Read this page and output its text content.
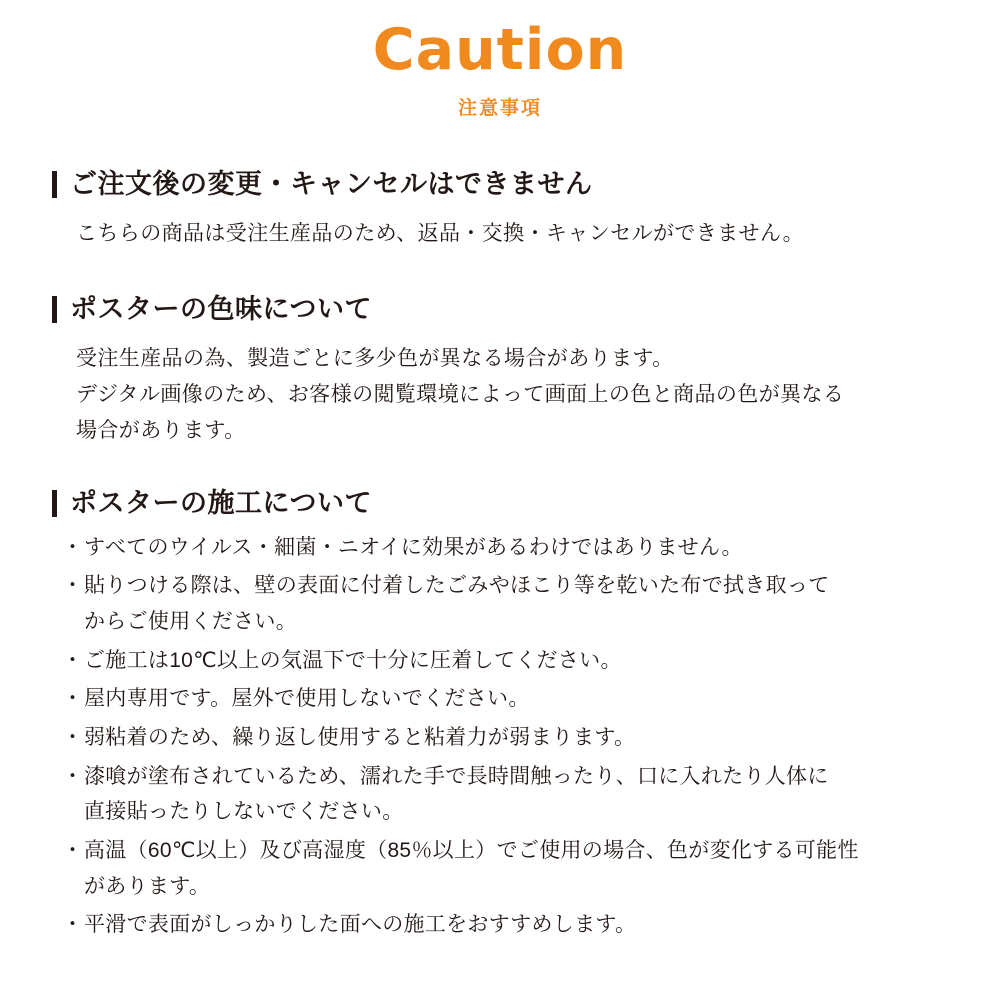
Caution
注意事項
ご注文後の変更・キャンセルはできません

こちらの商品は受注生産品のため、返品・交換・キャンセルができません。

ポスターの色味について

受注生産品の為、製造ごとに多少色が異なる場合があります。

デジタル画像のため、お客様の閲覧環境によって画面上の色と商品の色が異なる

場合があります。

ポスターの施工について
・ すべてのウイルス・細菌・ニオイに効果があるわけではありません。
・ 貼りつける際は、壁の表面に付着したごみやほこり等を乾いた布で拭き取って
からご使用ください。
・ ご施工は10℃以上の気温下で十分に圧着してください。
・ 屋内専用です。屋外で使用しないでください。
・ 弱粘着のため、繰り返し使用すると粘着力が弱まります。
・ 漆喰が塗布されているため、濡れた手で長時間触ったり、口に入れたり人体に
直接貼ったりしないでください。
・ 高温（60℃以上）及び高湿度（85％以上）でご使用の場合、色が変化する可能性
があります。
・ 平滑で表面がしっかりした面への施工をおすすめします。
